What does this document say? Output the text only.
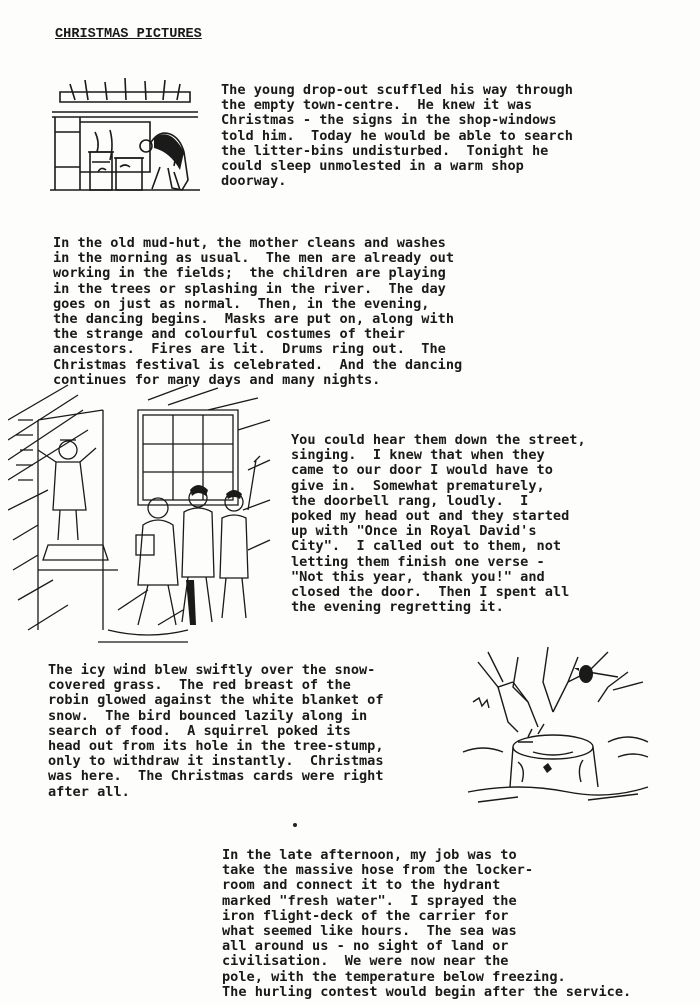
CHRISTMAS PICTURES
The young drop-out scuffled his way through
the empty town-centre.  He knew it was
Christmas - the signs in the shop-windows
told him.  Today he would be able to search
the litter-bins undisturbed.  Tonight he
could sleep unmolested in a warm shop
doorway.
In the old mud-hut, the mother cleans and washes
in the morning as usual.  The men are already out
working in the fields;  the children are playing
in the trees or splashing in the river.  The day
goes on just as normal.  Then, in the evening,
the dancing begins.  Masks are put on, along with
the strange and colourful costumes of their
ancestors.  Fires are lit.  Drums ring out.  The
Christmas festival is celebrated.  And the dancing
continues for many days and many nights.
You could hear them down the street,
singing.  I knew that when they
came to our door I would have to
give in.  Somewhat prematurely,
the doorbell rang, loudly.  I
poked my head out and they started
up with "Once in Royal David's
City".  I called out to them, not
letting them finish one verse -
"Not this year, thank you!" and
closed the door.  Then I spent all
the evening regretting it.
The icy wind blew swiftly over the snow-
covered grass.  The red breast of the
robin glowed against the white blanket of
snow.  The bird bounced lazily along in
search of food.  A squirrel poked its
head out from its hole in the tree-stump,
only to withdraw it instantly.  Christmas
was here.  The Christmas cards were right
after all.
In the late afternoon, my job was to
take the massive hose from the locker-
room and connect it to the hydrant
marked "fresh water".  I sprayed the
iron flight-deck of the carrier for
what seemed like hours.  The sea was
all around us - no sight of land or
civilisation.  We were now near the
pole, with the temperature below freezing.
The hurling contest would begin after the service.
